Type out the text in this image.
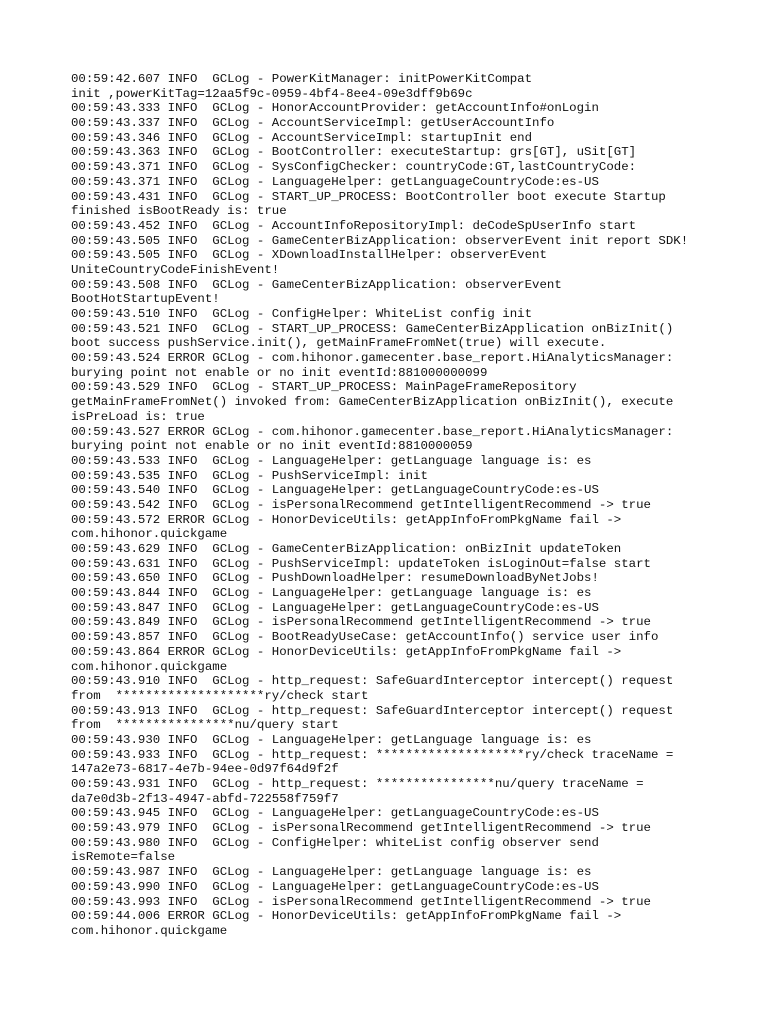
00:59:42.607 INFO  GCLog - PowerKitManager: initPowerKitCompat
init ,powerKitTag=12aa5f9c-0959-4bf4-8ee4-09e3dff9b69c
00:59:43.333 INFO  GCLog - HonorAccountProvider: getAccountInfo#onLogin
00:59:43.337 INFO  GCLog - AccountServiceImpl: getUserAccountInfo
00:59:43.346 INFO  GCLog - AccountServiceImpl: startupInit end
00:59:43.363 INFO  GCLog - BootController: executeStartup: grs[GT], uSit[GT]
00:59:43.371 INFO  GCLog - SysConfigChecker: countryCode:GT,lastCountryCode:
00:59:43.371 INFO  GCLog - LanguageHelper: getLanguageCountryCode:es-US
00:59:43.431 INFO  GCLog - START_UP_PROCESS: BootController boot execute Startup
finished isBootReady is: true
00:59:43.452 INFO  GCLog - AccountInfoRepositoryImpl: deCodeSpUserInfo start
00:59:43.505 INFO  GCLog - GameCenterBizApplication: observerEvent init report SDK!
00:59:43.505 INFO  GCLog - XDownloadInstallHelper: observerEvent
UniteCountryCodeFinishEvent!
00:59:43.508 INFO  GCLog - GameCenterBizApplication: observerEvent
BootHotStartupEvent!
00:59:43.510 INFO  GCLog - ConfigHelper: WhiteList config init
00:59:43.521 INFO  GCLog - START_UP_PROCESS: GameCenterBizApplication onBizInit()
boot success pushService.init(), getMainFrameFromNet(true) will execute.
00:59:43.524 ERROR GCLog - com.hihonor.gamecenter.base_report.HiAnalyticsManager:
burying point not enable or no init eventId:881000000099
00:59:43.529 INFO  GCLog - START_UP_PROCESS: MainPageFrameRepository
getMainFrameFromNet() invoked from: GameCenterBizApplication onBizInit(), execute
isPreLoad is: true
00:59:43.527 ERROR GCLog - com.hihonor.gamecenter.base_report.HiAnalyticsManager:
burying point not enable or no init eventId:8810000059
00:59:43.533 INFO  GCLog - LanguageHelper: getLanguage language is: es
00:59:43.535 INFO  GCLog - PushServiceImpl: init
00:59:43.540 INFO  GCLog - LanguageHelper: getLanguageCountryCode:es-US
00:59:43.542 INFO  GCLog - isPersonalRecommend getIntelligentRecommend -> true
00:59:43.572 ERROR GCLog - HonorDeviceUtils: getAppInfoFromPkgName fail ->
com.hihonor.quickgame
00:59:43.629 INFO  GCLog - GameCenterBizApplication: onBizInit updateToken
00:59:43.631 INFO  GCLog - PushServiceImpl: updateToken isLoginOut=false start
00:59:43.650 INFO  GCLog - PushDownloadHelper: resumeDownloadByNetJobs!
00:59:43.844 INFO  GCLog - LanguageHelper: getLanguage language is: es
00:59:43.847 INFO  GCLog - LanguageHelper: getLanguageCountryCode:es-US
00:59:43.849 INFO  GCLog - isPersonalRecommend getIntelligentRecommend -> true
00:59:43.857 INFO  GCLog - BootReadyUseCase: getAccountInfo() service user info
00:59:43.864 ERROR GCLog - HonorDeviceUtils: getAppInfoFromPkgName fail ->
com.hihonor.quickgame
00:59:43.910 INFO  GCLog - http_request: SafeGuardInterceptor intercept() request
from  ********************ry/check start
00:59:43.913 INFO  GCLog - http_request: SafeGuardInterceptor intercept() request
from  ****************nu/query start
00:59:43.930 INFO  GCLog - LanguageHelper: getLanguage language is: es
00:59:43.933 INFO  GCLog - http_request: ********************ry/check traceName =
147a2e73-6817-4e7b-94ee-0d97f64d9f2f
00:59:43.931 INFO  GCLog - http_request: ****************nu/query traceName =
da7e0d3b-2f13-4947-abfd-722558f759f7
00:59:43.945 INFO  GCLog - LanguageHelper: getLanguageCountryCode:es-US
00:59:43.979 INFO  GCLog - isPersonalRecommend getIntelligentRecommend -> true
00:59:43.980 INFO  GCLog - ConfigHelper: whiteList config observer send
isRemote=false
00:59:43.987 INFO  GCLog - LanguageHelper: getLanguage language is: es
00:59:43.990 INFO  GCLog - LanguageHelper: getLanguageCountryCode:es-US
00:59:43.993 INFO  GCLog - isPersonalRecommend getIntelligentRecommend -> true
00:59:44.006 ERROR GCLog - HonorDeviceUtils: getAppInfoFromPkgName fail ->
com.hihonor.quickgame
